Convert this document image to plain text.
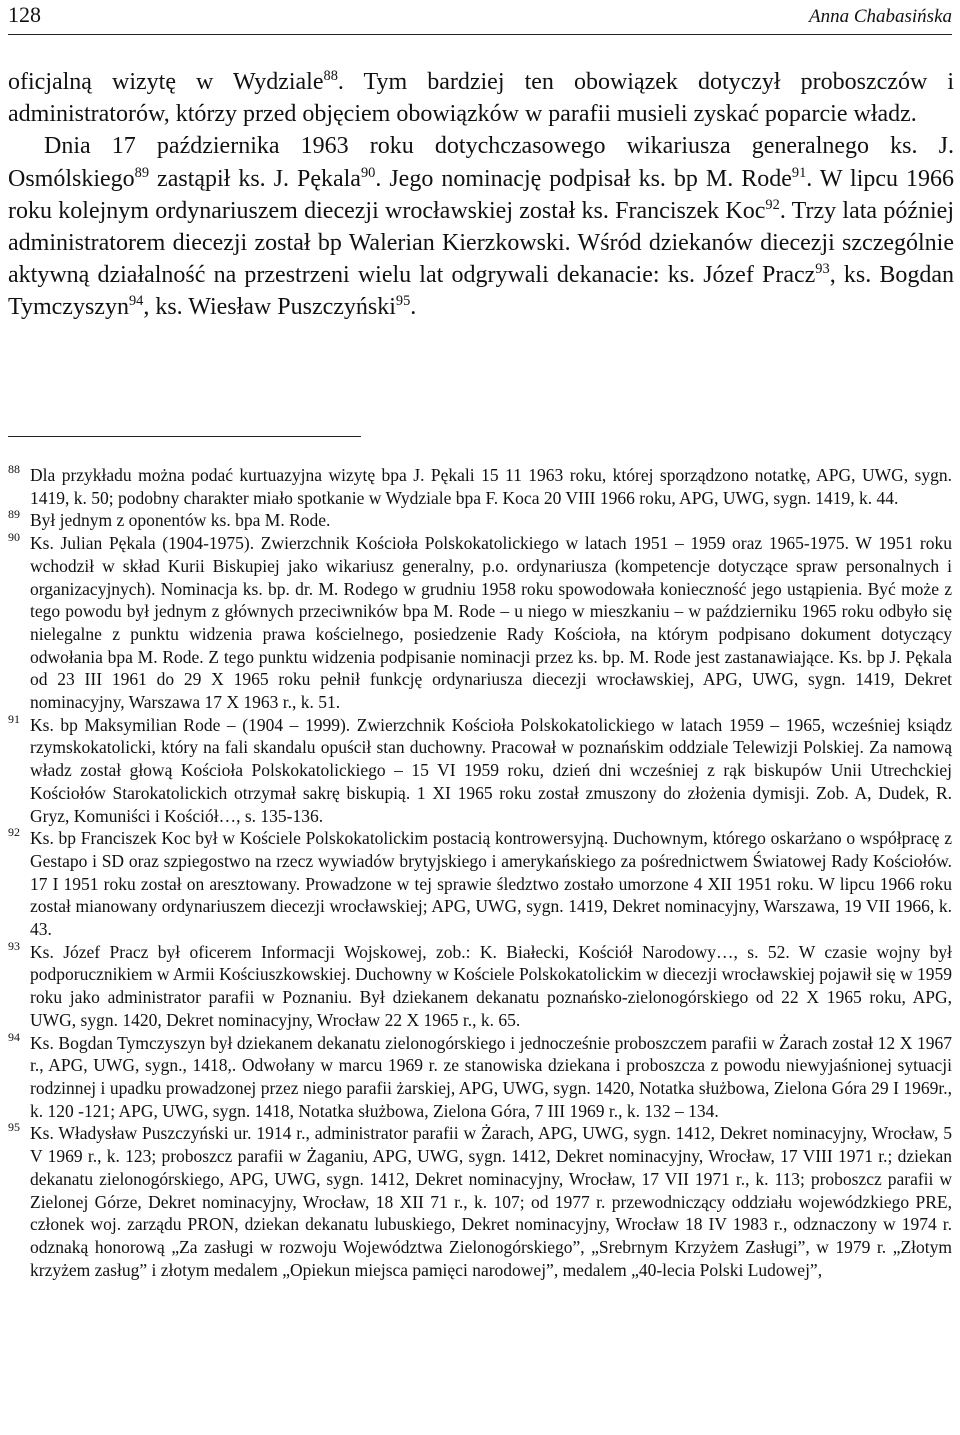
128	Anna Chabasińska

oficjalną wizytę w Wydziale$^{88}$. Tym bardziej ten obowiązek dotyczył proboszczów i administratorów, którzy przed objęciem obowiązków w parafii musieli zyskać poparcie władz.

Dnia 17 października 1963 roku dotychczasowego wikariusza generalnego ks. J. Osmólskiego$^{89}$ zastąpił ks. J. Pękala$^{90}$. Jego nominację podpisał ks. bp M. Rode$^{91}$. W lipcu 1966 roku kolejnym ordynariuszem diecezji wrocławskiej został ks. Franciszek Koc$^{92}$. Trzy lata później administratorem diecezji został bp Walerian Kierzkowski. Wśród dziekanów diecezji szczególnie aktywną działalność na przestrzeni wielu lat odgrywali dekanacie: ks. Józef Pracz$^{93}$, ks. Bogdan Tymczyszyn$^{94}$, ks. Wiesław Puszczyński$^{95}$.

88 Dla przykładu można podać kurtuazyjna wizytę bpa J. Pękali 15 11 1963 roku, której sporządzono notatkę, APG, UWG, sygn. 1419, k. 50; podobny charakter miało spotkanie w Wydziale bpa F. Koca 20 VIII 1966 roku, APG, UWG, sygn. 1419, k. 44.
89 Był jednym z oponentów ks. bpa M. Rode.
90 Ks. Julian Pękala (1904-1975). Zwierzchnik Kościoła Polskokatolickiego w latach 1951 – 1959 oraz 1965-1975. W 1951 roku wchodził w skład Kurii Biskupiej jako wikariusz generalny, p.o. ordynariusza (kompetencje dotyczące spraw personalnych i organizacyjnych). Nominacja ks. bp. dr. M. Rodego w grudniu 1958 roku spowodowała konieczność jego ustąpienia. Być może z tego powodu był jednym z głównych przeciwników bpa M. Rode – u niego w mieszkaniu – w październiku 1965 roku odbyło się nielegalne z punktu widzenia prawa kościelnego, posiedzenie Rady Kościoła, na którym podpisano dokument dotyczący odwołania bpa M. Rode. Z tego punktu widzenia podpisanie nominacji przez ks. bp. M. Rode jest zastanawiające. Ks. bp J. Pękala od 23 III 1961 do 29 X 1965 roku pełnił funkcję ordynariusza diecezji wrocławskiej, APG, UWG, sygn. 1419, Dekret nominacyjny, Warszawa 17 X 1963 r., k. 51.
91 Ks. bp Maksymilian Rode – (1904 – 1999). Zwierzchnik Kościoła Polskokatolickiego w latach 1959 – 1965, wcześniej ksiądz rzymskokatolicki, który na fali skandalu opuścił stan duchowny. Pracował w poznańskim oddziale Telewizji Polskiej. Za namową władz został głową Kościoła Polskokatolickiego – 15 VI 1959 roku, dzień dni wcześniej z rąk biskupów Unii Utrechckiej Kościołów Starokatolickich otrzymał sakrę biskupią. 1 XI 1965 roku został zmuszony do złożenia dymisji. Zob. A, Dudek, R. Gryz, Komuniści i Kościół…, s. 135-136.
92 Ks. bp Franciszek Koc był w Kościele Polskokatolickim postacią kontrowersyjną. Duchownym, którego oskarżano o współpracę z Gestapo i SD oraz szpiegostwo na rzecz wywiadów brytyjskiego i amerykańskiego za pośrednictwem Światowej Rady Kościołów. 17 I 1951 roku został on aresztowany. Prowadzone w tej sprawie śledztwo zostało umorzone 4 XII 1951 roku. W lipcu 1966 roku został mianowany ordynariuszem diecezji wrocławskiej; APG, UWG, sygn. 1419, Dekret nominacyjny, Warszawa, 19 VII 1966, k. 43.
93 Ks. Józef Pracz był oficerem Informacji Wojskowej, zob.: K. Białecki, Kościół Narodowy…, s. 52. W czasie wojny był podporucznikiem w Armii Kościuszkowskiej. Duchowny w Kościele Polskokatolickim w diecezji wrocławskiej pojawił się w 1959 roku jako administrator parafii w Poznaniu. Był dziekanem dekanatu poznańsko-zielonogórskiego od 22 X 1965 roku, APG, UWG, sygn. 1420, Dekret nominacyjny, Wrocław 22 X 1965 r., k. 65.
94 Ks. Bogdan Tymczyszyn był dziekanem dekanatu zielonogórskiego i jednocześnie proboszczem parafii w Żarach został 12 X 1967 r., APG, UWG, sygn., 1418,. Odwołany w marcu 1969 r. ze stanowiska dziekana i proboszcza z powodu niewyjaśnionej sytuacji rodzinnej i upadku prowadzonej przez niego parafii żarskiej, APG, UWG, sygn. 1420, Notatka służbowa, Zielona Góra 29 I 1969r., k. 120 -121; APG, UWG, sygn. 1418, Notatka służbowa, Zielona Góra, 7 III 1969 r., k. 132 – 134.
95 Ks. Władysław Puszczyński ur. 1914 r., administrator parafii w Żarach, APG, UWG, sygn. 1412, Dekret nominacyjny, Wrocław, 5 V 1969 r., k. 123; proboszcz parafii w Żaganiu, APG, UWG, sygn. 1412, Dekret nominacyjny, Wrocław, 17 VIII 1971 r.; dziekan dekanatu zielonogórskiego, APG, UWG, sygn. 1412, Dekret nominacyjny, Wrocław, 17 VII 1971 r., k. 113; proboszcz parafii w Zielonej Górze, Dekret nominacyjny, Wrocław, 18 XII 71 r., k. 107; od 1977 r. przewodniczący oddziału wojewódzkiego PRE, członek woj. zarządu PRON, dziekan dekanatu lubuskiego, Dekret nominacyjny, Wrocław 18 IV 1983 r., odznaczony w 1974 r. odznaką honorową „Za zasługi w rozwoju Województwa Zielonogórskiego”, „Srebrnym Krzyżem Zasługi”, w 1979 r. „Złotym krzyżem zasług” i złotym medalem „Opiekun miejsca pamięci narodowej”, medalem „40-lecia Polski Ludowej”,
